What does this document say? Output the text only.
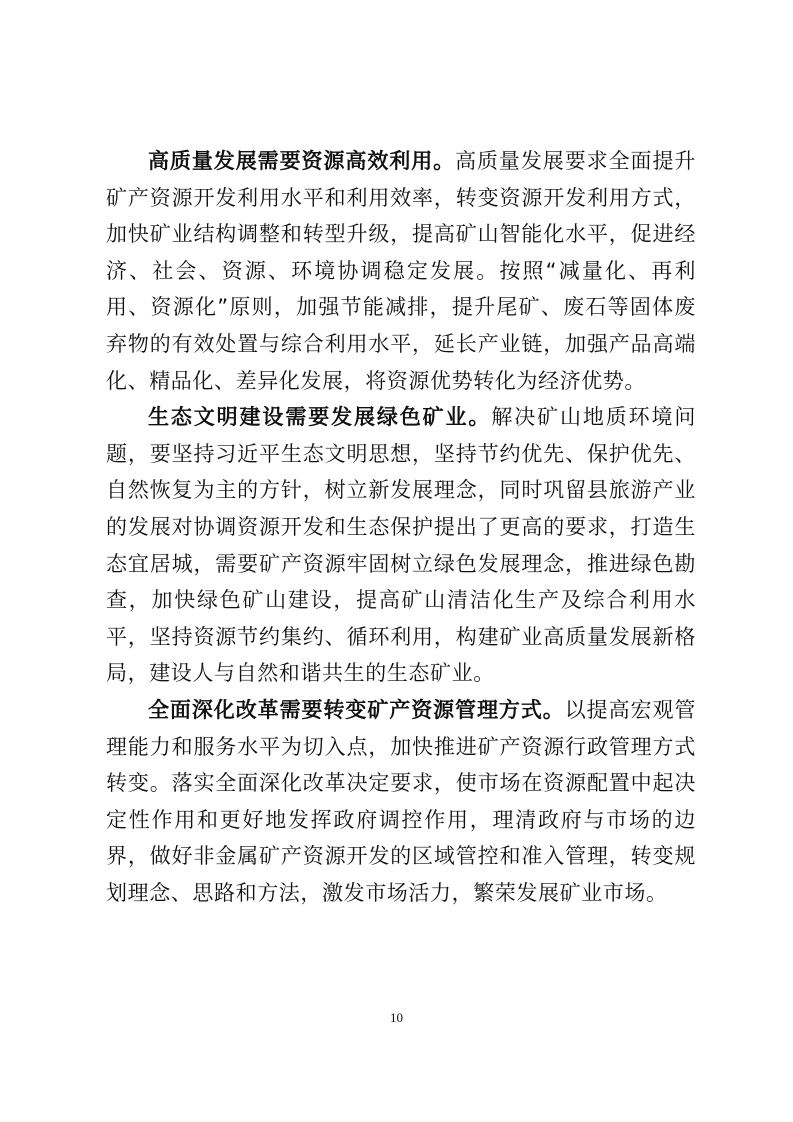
高质量发展需要资源高效利用。高质量发展要求全面提升矿产资源开发利用水平和利用效率，转变资源开发利用方式，加快矿业结构调整和转型升级，提高矿山智能化水平，促进经济、社会、资源、环境协调稳定发展。按照“减量化、再利用、资源化”原则，加强节能减排，提升尾矿、废石等固体废弃物的有效处置与综合利用水平，延长产业链，加强产品高端化、精品化、差异化发展，将资源优势转化为经济优势。

生态文明建设需要发展绿色矿业。解决矿山地质环境问题，要坚持习近平生态文明思想，坚持节约优先、保护优先、自然恢复为主的方针，树立新发展理念，同时巩留县旅游产业的发展对协调资源开发和生态保护提出了更高的要求，打造生态宜居城，需要矿产资源牢固树立绿色发展理念，推进绿色勘查，加快绿色矿山建设，提高矿山清洁化生产及综合利用水平，坚持资源节约集约、循环利用，构建矿业高质量发展新格局，建设人与自然和谐共生的生态矿业。

全面深化改革需要转变矿产资源管理方式。以提高宏观管理能力和服务水平为切入点，加快推进矿产资源行政管理方式转变。落实全面深化改革决定要求，使市场在资源配置中起决定性作用和更好地发挥政府调控作用，理清政府与市场的边界，做好非金属矿产资源开发的区域管控和准入管理，转变规划理念、思路和方法，激发市场活力，繁荣发展矿业市场。

10
